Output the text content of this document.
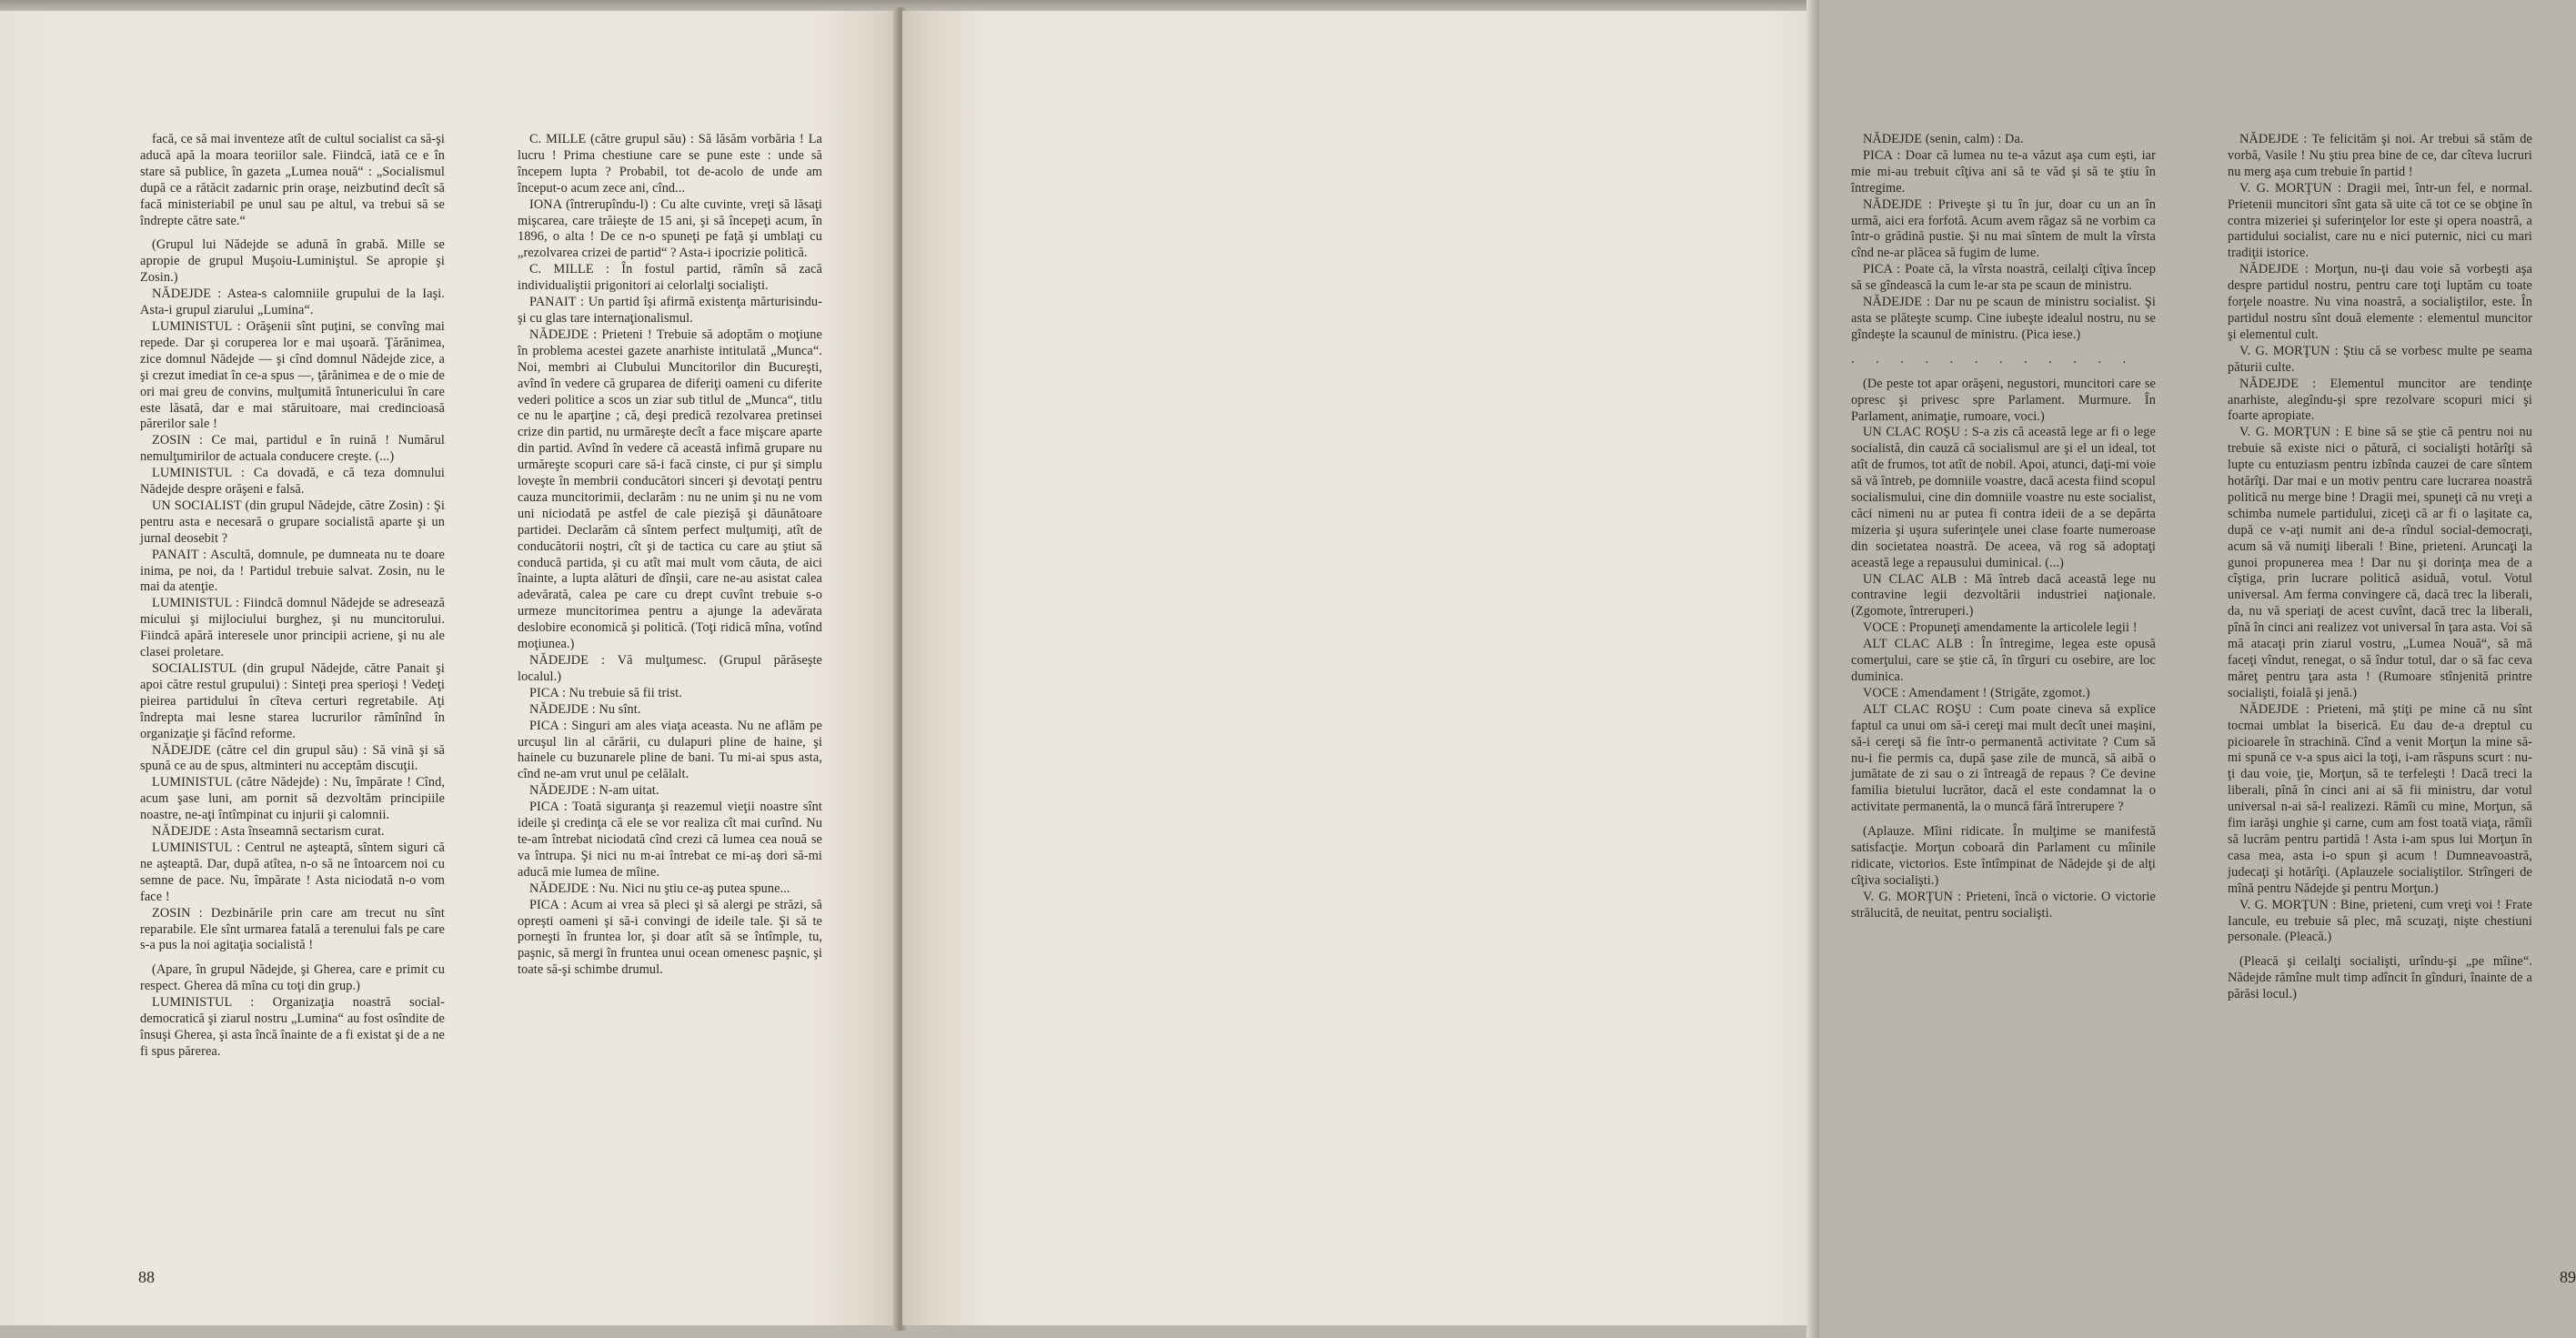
facă, ce să mai inventeze atît de cultul socialist ca să-şi aducă apă la moara teoriilor sale. Fiindcă, iată ce e în stare să publice, în gazeta „Lumea nouă“ : „Socialismul după ce a rătăcit zadarnic prin oraşe, neizbutind decît să facă ministeriabil pe unul sau pe altul, va trebui să se îndrepte către sate.“

(Grupul lui Nădejde se adună în grabă. Mille se apropie de grupul Muşoiu-Luminiştul. Se apropie şi Zosin.)

NĂDEJDE : Astea-s calomniile grupului de la Iaşi. Asta-i grupul ziarului „Lumina“.

LUMINISTUL : Orăşenii sînt puţini, se convîng mai repede. Dar şi coruperea lor e mai uşoară. Ţărănimea, zice domnul Nădejde — şi cînd domnul Nădejde zice, a şi crezut imediat în ce-a spus —, ţărănimea e de o mie de ori mai greu de convins, mulţumită întunericului în care este lăsată, dar e mai stăruitoare, mai credincioasă părerilor sale !

ZOSIN : Ce mai, partidul e în ruină ! Numărul nemulţumirilor de actuala conducere creşte. (...)

LUMINISTUL : Ca dovadă, e că teza domnului Nădejde despre orăşeni e falsă.

UN SOCIALIST (din grupul Nădejde, către Zosin) : Şi pentru asta e necesară o grupare socialistă aparte şi un jurnal deosebit ?

PANAIT : Ascultă, domnule, pe dumneata nu te doare inima, pe noi, da ! Partidul trebuie salvat. Zosin, nu le mai da atenţie.

LUMINISTUL : Fiindcă domnul Nădejde se adresează micului şi mijlociului burghez, şi nu muncitorului. Fiindcă apără interesele unor principii acriene, şi nu ale clasei proletare.

SOCIALISTUL (din grupul Nădejde, către Panait şi apoi către restul grupului) : Sinteţi prea sperioşi ! Vedeţi pieirea partidului în cîteva certuri regretabile. Aţi îndrepta mai lesne starea lucrurilor rămînînd în organizaţie şi făcînd reforme.

NĂDEJDE (către cel din grupul său) : Să vină şi să spună ce au de spus, altminteri nu acceptăm discuţii.

LUMINISTUL (către Nădejde) : Nu, împărate ! Cînd, acum şase luni, am pornit să dezvoltăm principiile noastre, ne-aţi întîmpinat cu injurii şi calomnii.

NĂDEJDE : Asta înseamnă sectarism curat.

LUMINISTUL : Centrul ne aşteaptă, sîntem siguri că ne aşteaptă. Dar, după atîtea, n-o să ne întoarcem noi cu semne de pace. Nu, împărate ! Asta niciodată n-o vom face !

ZOSIN : Dezbinările prin care am trecut nu sînt reparabile. Ele sînt urmarea fatală a terenului fals pe care s-a pus la noi agitaţia socialistă !

(Apare, în grupul Nădejde, şi Gherea, care e primit cu respect. Gherea dă mîna cu toţi din grup.)

LUMINISTUL : Organizaţia noastră social-democratică şi ziarul nostru „Lumina“ au fost osîndite de însuşi Gherea, şi asta încă înainte de a fi existat şi de a ne fi spus părerea.

C. MILLE (către grupul său) : Să lăsăm vorbăria ! La lucru ! Prima chestiune care se pune este : unde să începem lupta ? Probabil, tot de-acolo de unde am început-o acum zece ani, cînd...

IONA (întrerupîndu-l) : Cu alte cuvinte, vreţi să lăsaţi mişcarea, care trăieşte de 15 ani, şi să începeţi acum, în 1896, o alta ! De ce n-o spuneţi pe faţă şi umblaţi cu „rezolvarea crizei de partid“ ? Asta-i ipocrizie politică.

C. MILLE : În fostul partid, rămîn să zacă individualiştii prigonitori ai celorlalţi socialişti.

PANAIT : Un partid îşi afirmă existenţa mărturisindu-şi cu glas tare internaţionalismul.

NĂDEJDE : Prieteni ! Trebuie să adoptăm o moţiune în problema acestei gazete anarhiste intitulată „Munca“. Noi, membri ai Clubului Muncitorilor din Bucureşti, avînd în vedere că gruparea de diferiţi oameni cu diferite vederi politice a scos un ziar sub titlul de „Munca“, titlu ce nu le aparţine ; că, deşi predică rezolvarea pretinsei crize din partid, nu urmăreşte decît a face mişcare aparte din partid. Avînd în vedere că această infimă grupare nu urmăreşte scopuri care să-i facă cinste, ci pur şi simplu loveşte în membrii conducători sinceri şi devotaţi pentru cauza muncitorimii, declarăm : nu ne unim şi nu ne vom uni niciodată pe astfel de cale piezişă şi dăunătoare partidei. Declarăm că sîntem perfect mulţumiţi, atît de conducătorii noştri, cît şi de tactica cu care au ştiut să conducă partida, şi cu atît mai mult vom căuta, de aici înainte, a lupta alături de dînşii, care ne-au asistat calea adevărată, calea pe care cu drept cuvînt trebuie s-o urmeze muncitorimea pentru a ajunge la adevărata deslobire economică şi politică. (Toţi ridică mîna, votînd moţiunea.)

NĂDEJDE : Vă mulţumesc. (Grupul părăseşte localul.)

PICA : Nu trebuie să fii trist.

NĂDEJDE : Nu sînt.

PICA : Singuri am ales viaţa aceasta. Nu ne aflăm pe urcuşul lin al cărării, cu dulapuri pline de haine, şi hainele cu buzunarele pline de bani. Tu mi-ai spus asta, cînd ne-am vrut unul pe celălalt.

NĂDEJDE : N-am uitat.

PICA : Toată siguranţa şi reazemul vieţii noastre sînt ideile şi credinţa că ele se vor realiza cît mai curînd. Nu te-am întrebat niciodată cînd crezi că lumea cea nouă se va întrupa. Şi nici nu m-ai întrebat ce mi-aş dori să-mi aducă mie lumea de mîine.

NĂDEJDE : Nu. Nici nu ştiu ce-aş putea spune...

PICA : Acum ai vrea să pleci şi să alergi pe străzi, să opreşti oameni şi să-i convingi de ideile tale. Şi să te porneşti în fruntea lor, şi doar atît să se întîmple, tu, paşnic, să mergi în fruntea unui ocean omenesc paşnic, şi toate să-şi schimbe drumul.

88

NĂDEJDE (senin, calm) : Da.

PICA : Doar că lumea nu te-a văzut aşa cum eşti, iar mie mi-au trebuit cîţiva ani să te văd şi să te ştiu în întregime.

NĂDEJDE : Priveşte şi tu în jur, doar cu un an în urmă, aici era forfotă. Acum avem răgaz să ne vorbim ca într-o grădină pustie. Şi nu mai sîntem de mult la vîrsta cînd ne-ar plăcea să fugim de lume.

PICA : Poate că, la vîrsta noastră, ceilalţi cîţiva încep să se gîndească la cum le-ar sta pe scaun de ministru.

NĂDEJDE : Dar nu pe scaun de ministru socialist. Şi asta se plăteşte scump. Cine iubeşte idealul nostru, nu se gîndeşte la scaunul de ministru. (Pica iese.)

. . . . . . . . . . . .

(De peste tot apar orăşeni, negustori, muncitori care se opresc şi privesc spre Parlament. Murmure. În Parlament, animaţie, rumoare, voci.)

UN CLAC ROŞU : S-a zis că această lege ar fi o lege socialistă, din cauză că socialismul are şi el un ideal, tot atît de frumos, tot atît de nobil. Apoi, atunci, daţi-mi voie să vă întreb, pe domniile voastre, dacă acesta fiind scopul socialismului, cine din domniile voastre nu este socialist, căci nimeni nu ar putea fi contra ideii de a se depărta mizeria şi uşura suferinţele unei clase foarte numeroase din societatea noastră. De aceea, vă rog să adoptaţi această lege a repausului duminical. (...)

UN CLAC ALB : Mă întreb dacă această lege nu contravine legii dezvoltării industriei naţionale. (Zgomote, întreruperi.)

VOCE : Propuneţi amendamente la articolele legii !

ALT CLAC ALB : În întregime, legea este opusă comerţului, care se ştie că, în tîrguri cu osebire, are loc duminica.

VOCE : Amendament ! (Strigăte, zgomot.)

ALT CLAC ROŞU : Cum poate cineva să explice faptul ca unui om să-i cereţi mai mult decît unei maşini, să-i cereţi să fie într-o permanentă activitate ? Cum să nu-i fie permis ca, după şase zile de muncă, să aibă o jumătate de zi sau o zi întreagă de repaus ? Ce devine familia bietului lucrător, dacă el este condamnat la o activitate permanentă, la o muncă fără întrerupere ?

(Aplauze. Mîini ridicate. În mulţime se manifestă satisfacţie. Morţun coboară din Parlament cu mîinile ridicate, victorios. Este întîmpinat de Nădejde şi de alţi cîţiva socialişti.)

V. G. MORŢUN : Prieteni, încă o victorie. O victorie strălucită, de neuitat, pentru socialişti.

NĂDEJDE : Te felicităm şi noi. Ar trebui să stăm de vorbă, Vasile ! Nu ştiu prea bine de ce, dar cîteva lucruri nu merg aşa cum trebuie în partid !

V. G. MORŢUN : Dragii mei, într-un fel, e normal. Prietenii muncitori sînt gata să uite că tot ce se obţine în contra mizeriei şi suferinţelor lor este şi opera noastră, a partidului socialist, care nu e nici puternic, nici cu mari tradiţii istorice.

NĂDEJDE : Morţun, nu-ţi dau voie să vorbeşti aşa despre partidul nostru, pentru care toţi luptăm cu toate forţele noastre. Nu vina noastră, a socialiştilor, este. În partidul nostru sînt două elemente : elementul muncitor şi elementul cult.

V. G. MORŢUN : Ştiu că se vorbesc multe pe seama păturii culte.

NĂDEJDE : Elementul muncitor are tendinţe anarhiste, alegîndu-şi spre rezolvare scopuri mici şi foarte apropiate.

V. G. MORŢUN : E bine să se ştie că pentru noi nu trebuie să existe nici o pătură, ci socialişti hotărîţi să lupte cu entuziasm pentru izbînda cauzei de care sîntem hotărîţi. Dar mai e un motiv pentru care lucrarea noastră politică nu merge bine ! Dragii mei, spuneţi că nu vreţi a schimba numele partidului, ziceţi că ar fi o laşitate ca, după ce v-aţi numit ani de-a rîndul social-democraţi, acum să vă numiţi liberali ! Bine, prieteni. Aruncaţi la gunoi propunerea mea ! Dar nu şi dorinţa mea de a cîştiga, prin lucrare politică asiduă, votul. Votul universal. Am ferma convingere că, dacă trec la liberali, da, nu vă speriaţi de acest cuvînt, dacă trec la liberali, pînă în cinci ani realizez vot universal în ţara asta. Voi să mă atacaţi prin ziarul vostru, „Lumea Nouă“, să mă faceţi vîndut, renegat, o să îndur totul, dar o să fac ceva măreţ pentru ţara asta ! (Rumoare stînjenită printre socialişti, foială şi jenă.)

NĂDEJDE : Prieteni, mă ştiţi pe mine că nu sînt tocmai umblat la biserică. Eu dau de-a dreptul cu picioarele în strachină. Cînd a venit Morţun la mine să-mi spună ce v-a spus aici la toţi, i-am răspuns scurt : nu-ţi dau voie, ţie, Morţun, să te terfeleşti ! Dacă treci la liberali, pînă în cinci ani ai să fii ministru, dar votul universal n-ai să-l realizezi. Rămîi cu mine, Morţun, să fim iarăşi unghie şi carne, cum am fost toată viaţa, rămîi să lucrăm pentru partidă ! Asta i-am spus lui Morţun în casa mea, asta i-o spun şi acum ! Dumneavoastră, judecaţi şi hotărîţi. (Aplauzele socialiştilor. Strîngeri de mînă pentru Nădejde şi pentru Morţun.)

V. G. MORŢUN : Bine, prieteni, cum vreţi voi ! Frate Iancule, eu trebuie să plec, mă scuzaţi, nişte chestiuni personale. (Pleacă.)

(Pleacă şi ceilalţi socialişti, urîndu-şi „pe mîine“. Nădejde rămîne mult timp adîncit în gînduri, înainte de a părăsi locul.)

89
